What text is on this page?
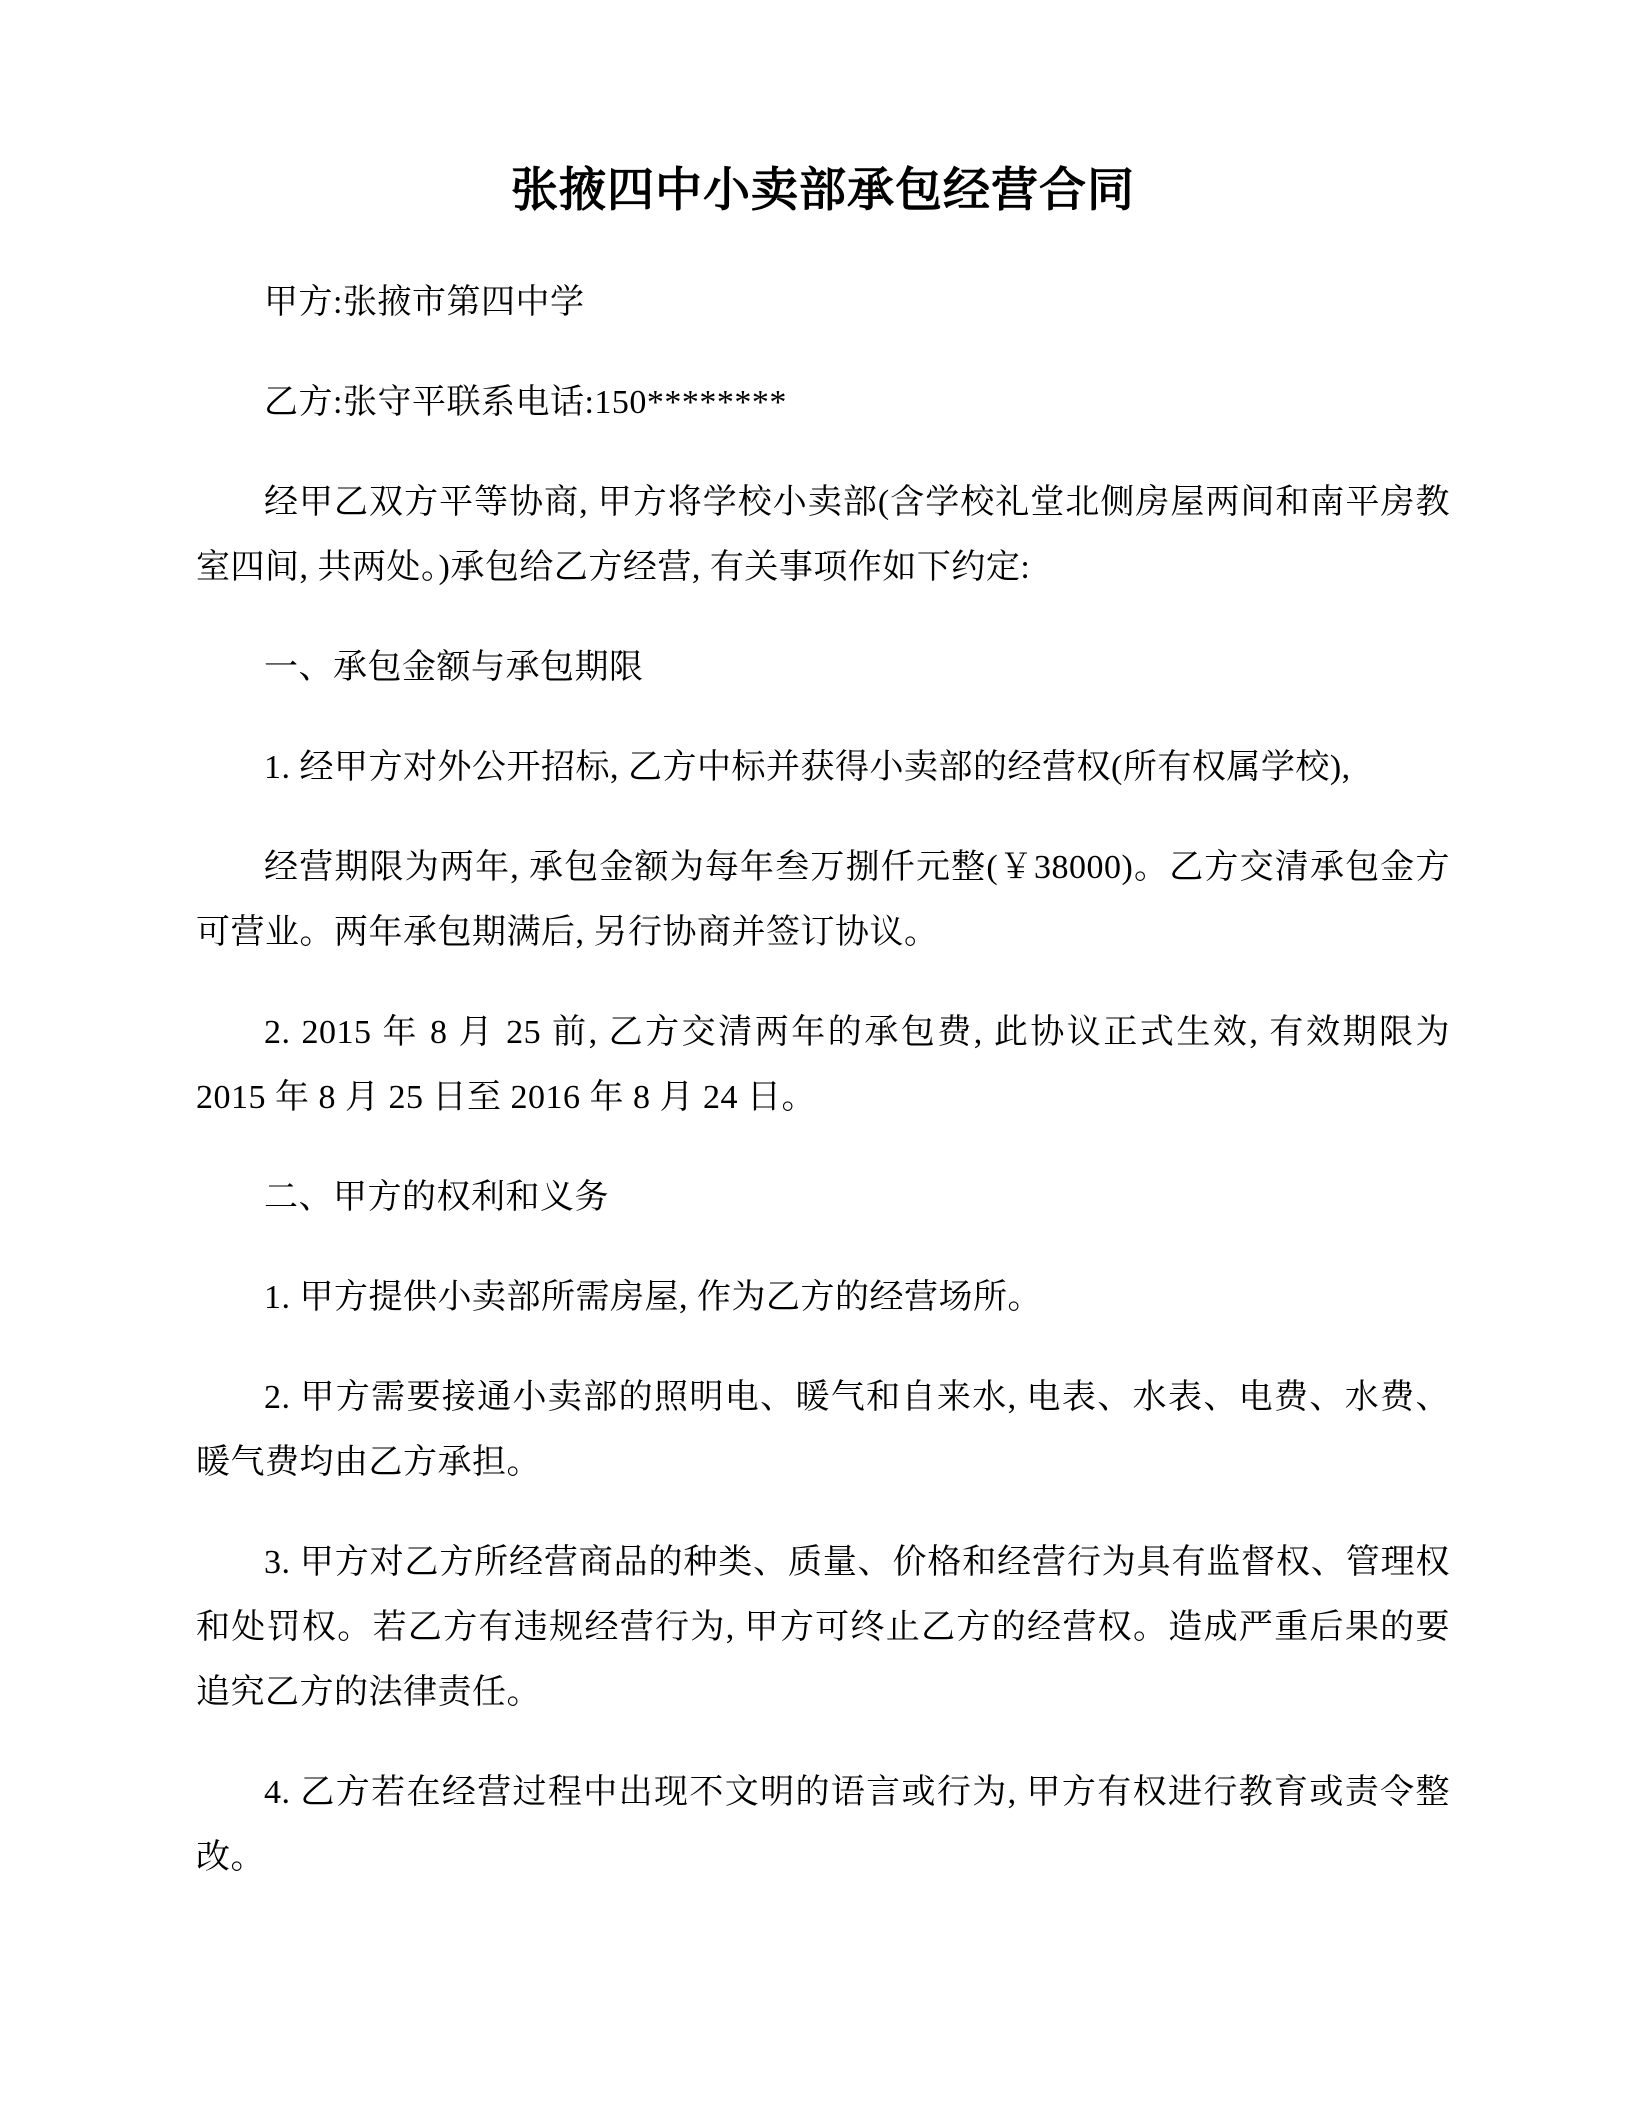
张掖四中小卖部承包经营合同

甲方:张掖市第四中学

乙方:张守平联系电话:150********

经甲乙双方平等协商, 甲方将学校小卖部(含学校礼堂北侧房屋两间和南平房教室四间, 共两处。)承包给乙方经营, 有关事项作如下约定:

一、承包金额与承包期限

1. 经甲方对外公开招标, 乙方中标并获得小卖部的经营权(所有权属学校),

经营期限为两年, 承包金额为每年叁万捌仟元整(￥38000)。乙方交清承包金方可营业。两年承包期满后, 另行协商并签订协议。

2. 2015 年 8 月 25 前, 乙方交清两年的承包费, 此协议正式生效, 有效期限为 2015 年 8 月 25 日至 2016 年 8 月 24 日。

二、甲方的权利和义务

1. 甲方提供小卖部所需房屋, 作为乙方的经营场所。

2. 甲方需要接通小卖部的照明电、暖气和自来水, 电表、水表、电费、水费、暖气费均由乙方承担。

3. 甲方对乙方所经营商品的种类、质量、价格和经营行为具有监督权、管理权和处罚权。若乙方有违规经营行为, 甲方可终止乙方的经营权。造成严重后果的要追究乙方的法律责任。

4. 乙方若在经营过程中出现不文明的语言或行为, 甲方有权进行教育或责令整改。
